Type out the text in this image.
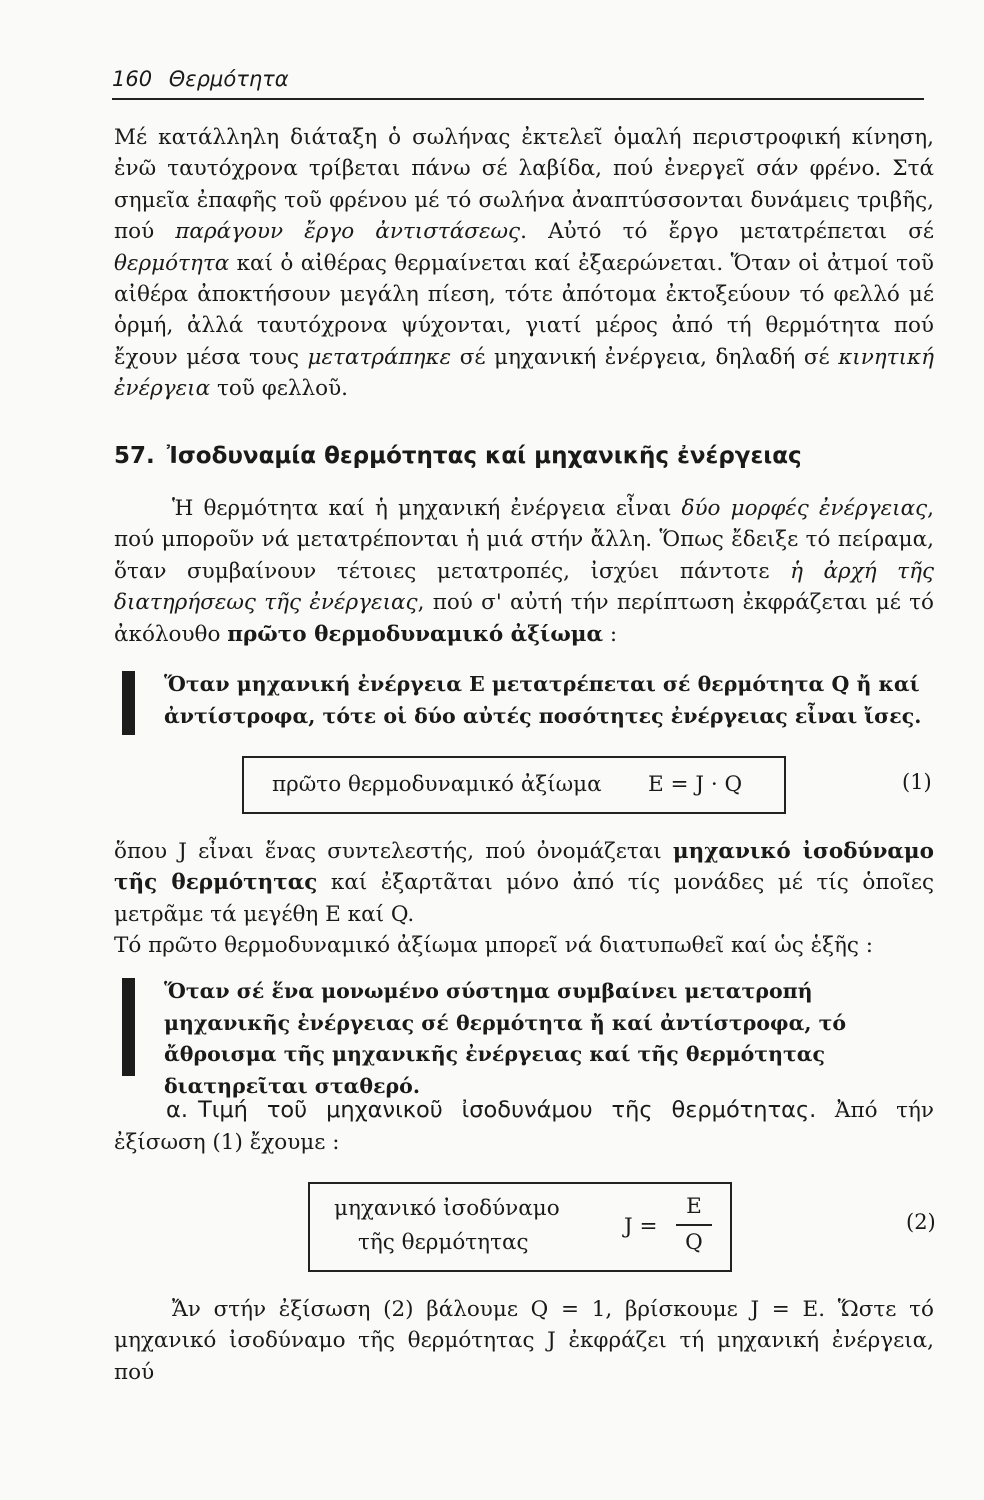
160 Θερμότητα

Μέ κατάλληλη διάταξη ὁ σωλήνας ἐκτελεῖ ὁμαλή περιστροφική κίνηση, ἐνῶ ταυτόχρονα τρίβεται πάνω σέ λαβίδα, πού ἐνεργεῖ σάν φρένο. Στά σημεῖα ἐπαφῆς τοῦ φρένου μέ τό σωλήνα ἀναπτύσσονται δυνάμεις τριβῆς, πού παράγουν ἔργο ἀντιστάσεως. Αὐτό τό ἔργο μετατρέπεται σέ θερμότητα καί ὁ αἰθέρας θερμαίνεται καί ἐξαερώνεται. Ὅταν οἱ ἀτμοί τοῦ αἰθέρα ἀποκτήσουν μεγάλη πίεση, τότε ἀπότομα ἐκτοξεύουν τό φελλό μέ ὁρμή, ἀλλά ταυτόχρονα ψύχονται, γιατί μέρος ἀπό τή θερμότητα πού ἔχουν μέσα τους μετατράπηκε σέ μηχανική ἐνέργεια, δηλαδή σέ κινητική ἐνέργεια τοῦ φελλοῦ.

57. Ἰσοδυναμία θερμότητας καί μηχανικῆς ἐνέργειας

Ἡ θερμότητα καί ἡ μηχανική ἐνέργεια εἶναι δύο μορφές ἐνέργειας, πού μποροῦν νά μετατρέπονται ἡ μιά στήν ἄλλη. Ὅπως ἔδειξε τό πείραμα, ὅταν συμβαίνουν τέτοιες μετατροπές, ἰσχύει πάντοτε ἡ ἀρχή τῆς διατηρήσεως τῆς ἐνέργειας, πού σ' αὐτή τήν περίπτωση ἐκφράζεται μέ τό ἀκόλουθο πρῶτο θερμοδυναμικό ἀξίωμα :

Ὅταν μηχανική ἐνέργεια Ε μετατρέπεται σέ θερμότητα Q ἤ καί ἀντίστροφα, τότε οἱ δύο αὐτές ποσότητες ἐνέργειας εἶναι ἴσες.
πρῶτο θερμοδυναμικό ἀξίωμα Ε = J · Q	(1)

ὅπου J εἶναι ἕνας συντελεστής, πού ὀνομάζεται μηχανικό ἰσοδύναμο τῆς θερμότητας καί ἐξαρτᾶται μόνο ἀπό τίς μονάδες μέ τίς ὁποῖες μετρᾶμε τά μεγέθη Ε καί Q.

Τό πρῶτο θερμοδυναμικό ἀξίωμα μπορεῖ νά διατυπωθεῖ καί ὡς ἑξῆς :

Ὅταν σέ ἕνα μονωμένο σύστημα συμβαίνει μετατροπή μηχανικῆς ἐνέργειας σέ θερμότητα ἤ καί ἀντίστροφα, τό ἄθροισμα τῆς μηχανικῆς ἐνέργειας καί τῆς θερμότητας διατηρεῖται σταθερό.
α. Τιμή τοῦ μηχανικοῦ ἰσοδυνάμου τῆς θερμότητας. Ἀπό τήν ἐξίσωση (1) ἔχουμε :
μηχανικό ἰσοδύναμο
τῆς θερμότητας
J =
E
Q
(2)

Ἄν στήν ἐξίσωση (2) βάλουμε Q = 1, βρίσκουμε J = E. Ὥστε τό μηχανικό ἰσοδύναμο τῆς θερμότητας J ἐκφράζει τή μηχανική ἐνέργεια, πού
